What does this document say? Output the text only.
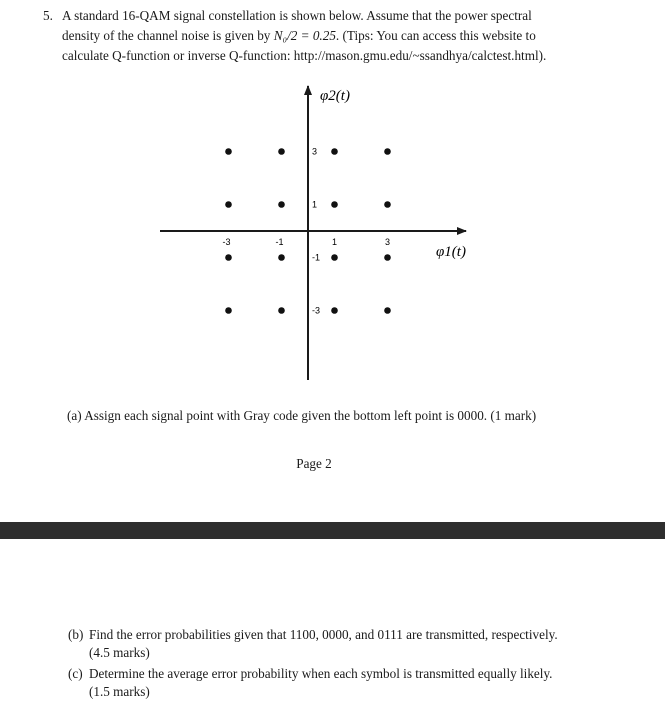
5. A standard 16-QAM signal constellation is shown below. Assume that the power spectral
density of the channel noise is given by N₀/2 = 0.25. (Tips: You can access this website to
calculate Q-function or inverse Q-function: http://mason.gmu.edu/~ssandhya/calctest.html).
φ2(t)
φ1(t)
-3	-1	1	3
3
1
-1
-3
(a) Assign each signal point with Gray code given the bottom left point is 0000. (1 mark)
Page 2
(b) Find the error probabilities given that 1100, 0000, and 0111 are transmitted, respectively.
(4.5 marks)
(c) Determine the average error probability when each symbol is transmitted equally likely.
(1.5 marks)
